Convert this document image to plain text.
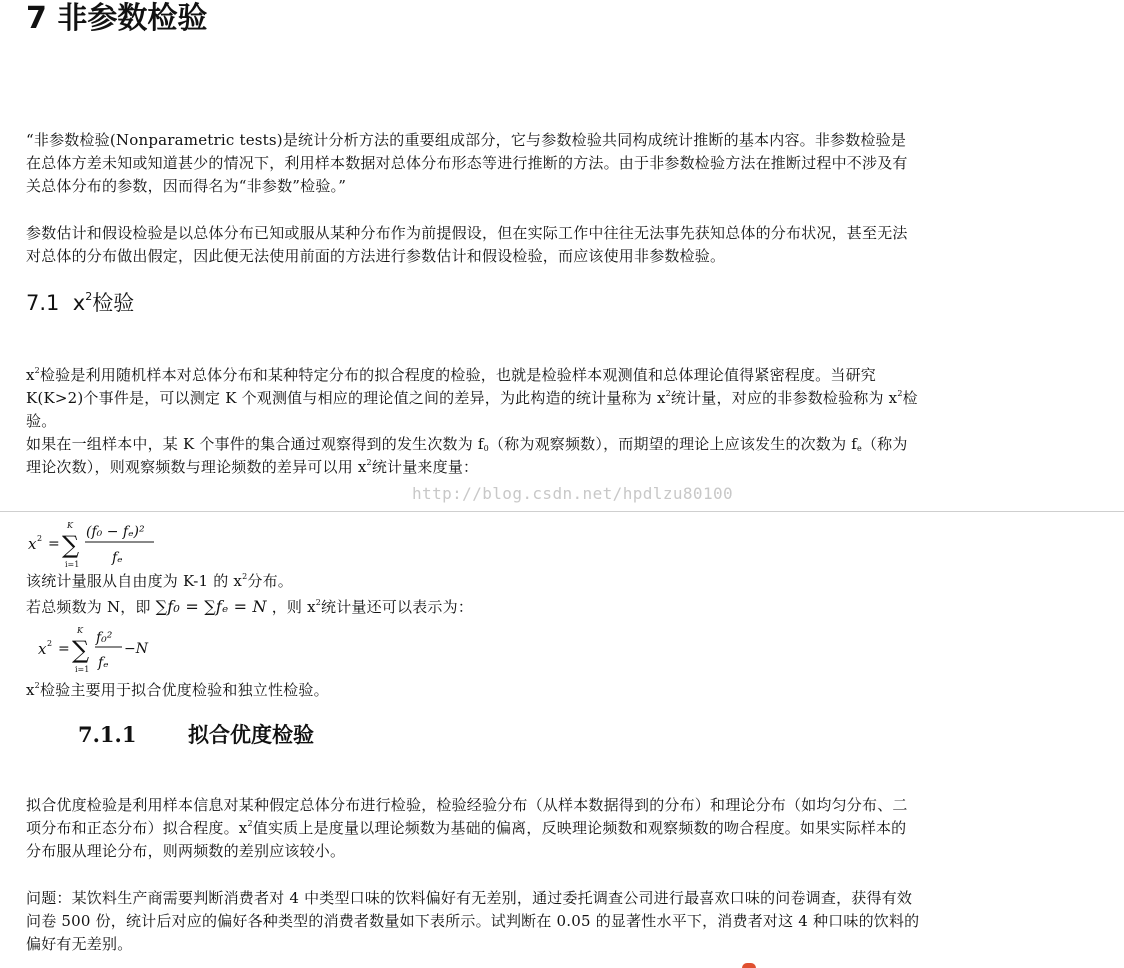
7 非参数检验
“非参数检验(Nonparametric tests)是统计分析方法的重要组成部分，它与参数检验共同构成统计推断的基本内容。非参数检验是
在总体方差未知或知道甚少的情况下，利用样本数据对总体分布形态等进行推断的方法。由于非参数检验方法在推断过程中不涉及有
关总体分布的参数，因而得名为“非参数”检验。”
参数估计和假设检验是以总体分布已知或服从某种分布作为前提假设，但在实际工作中往往无法事先获知总体的分布状况，甚至无法
对总体的分布做出假定，因此便无法使用前面的方法进行参数估计和假设检验，而应该使用非参数检验。
7.1 $x^2$检验
$x^2$检验是利用随机样本对总体分布和某种特定分布的拟合程度的检验，也就是检验样本观测值和总体理论值得紧密程度。当研究
K(K>2)个事件是，可以测定 K 个观测值与相应的理论值之间的差异，为此构造的统计量称为 $x^2$统计量，对应的非参数检验称为 $x^2$检
验。
如果在一组样本中，某 K 个事件的集合通过观察得到的发生次数为 $f_0$（称为观察频数），而期望的理论上应该发生的次数为 $f_e$（称为
理论次数），则观察频数与理论频数的差异可以用 $x^2$统计量来度量：
http://blog.csdn.net/hpdlzu80100
x 2 = ∑
K
i=1
(f₀ − fₑ)²
fₑ
该统计量服从自由度为 K-1 的 $x^2$分布。
若总频数为 N，即 ∑f₀ = ∑fₑ = N ，则 $x^2$统计量还可以表示为：
x 2 = ∑
K
i=1
f₀²
fₑ
−N
$x^2$检验主要用于拟合优度检验和独立性检验。
7.1.1 拟合优度检验
拟合优度检验是利用样本信息对某种假定总体分布进行检验，检验经验分布（从样本数据得到的分布）和理论分布（如均匀分布、二
项分布和正态分布）拟合程度。$x^2$值实质上是度量以理论频数为基础的偏离，反映理论频数和观察频数的吻合程度。如果实际样本的
分布服从理论分布，则两频数的差别应该较小。
问题：某饮料生产商需要判断消费者对 4 中类型口味的饮料偏好有无差别，通过委托调查公司进行最喜欢口味的问卷调查，获得有效
问卷 500 份，统计后对应的偏好各种类型的消费者数量如下表所示。试判断在 0.05 的显著性水平下，消费者对这 4 种口味的饮料的
偏好有无差别。
